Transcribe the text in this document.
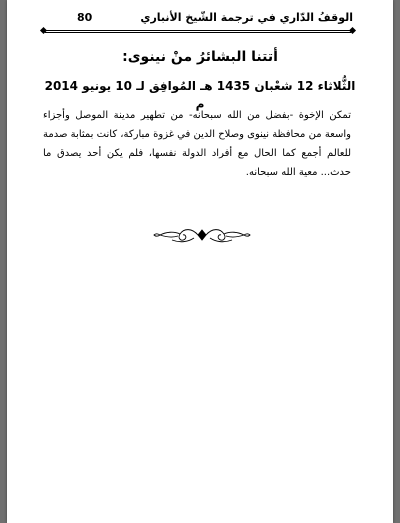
80	الوقفُ الدّاري في ترجمة الشّيخ الأنباري
أتتنا البشائرُ منْ نينوى:
الثُّلاثاء 12 شعْبان 1435 هـ المُوافِق لـ 10 يونيو 2014 م
تمكن الإخوة -بفضل من الله سبحانه- من تطهير مدينة الموصل وأجزاء واسعة من محافظة نينوى وصلاح الدين في غزوة مباركة، كانت بمثابة صدمة للعالم أجمع كما الحال مع أفراد الدولة نفسها، فلم يكن أحد يصدق ما حدث... معية الله سبحانه.
